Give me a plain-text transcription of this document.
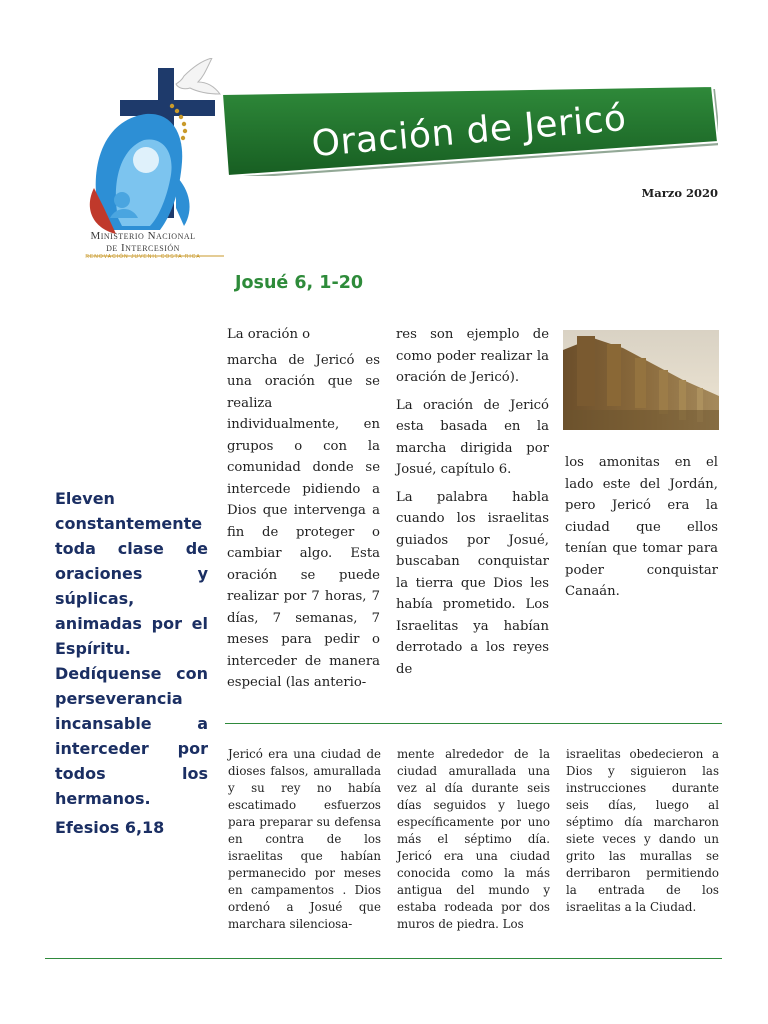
Ministerio Nacional
de Intercesión
RENOVACIÓN JUVENIL COSTA RICA
Oración de Jericó
Marzo 2020
Josué 6, 1-20
Eleven constantemente toda clase de oraciones y súplicas, animadas por el Espíritu. Dedíquense con perseverancia incansable a interceder por todos los hermanos.
Efesios 6,18

La oración o

marcha de Jericó es una oración que se realiza individualmente, en grupos o con la comunidad donde se intercede pidiendo a Dios que intervenga a fin de proteger o cambiar algo. Esta oración se puede realizar por 7 horas, 7 días, 7 semanas, 7 meses para pedir o interceder de manera especial (las anterio-

res son ejemplo de como poder realizar la oración de Jericó).

La oración de Jericó esta basada en la marcha dirigida por Josué, capítulo 6.

La palabra habla cuando los israelitas guiados por Josué, buscaban conquistar la tierra que Dios les había prometido. Los Israelitas ya habían derrotado a los reyes de

los amonitas en el lado este del Jordán, pero Jericó era la ciudad que ellos tenían que tomar para poder conquistar Canaán.

Jericó era una ciudad de dioses falsos, amurallada y su rey no había escatimado esfuerzos para preparar su defensa en contra de los israelitas que habían permanecido por meses en campamentos . Dios ordenó a Josué que marchara silenciosa-
mente alrededor de la ciudad amurallada una vez al día durante seis días seguidos y luego específicamente por uno más el séptimo día. Jericó era una ciudad conocida como la más antigua del mundo y estaba rodeada por dos muros de piedra. Los
israelitas obedecieron a Dios y siguieron las instrucciones durante seis días, luego al séptimo día marcharon siete veces y dando un grito las murallas se derribaron permitiendo la entrada de los israelitas a la Ciudad.
